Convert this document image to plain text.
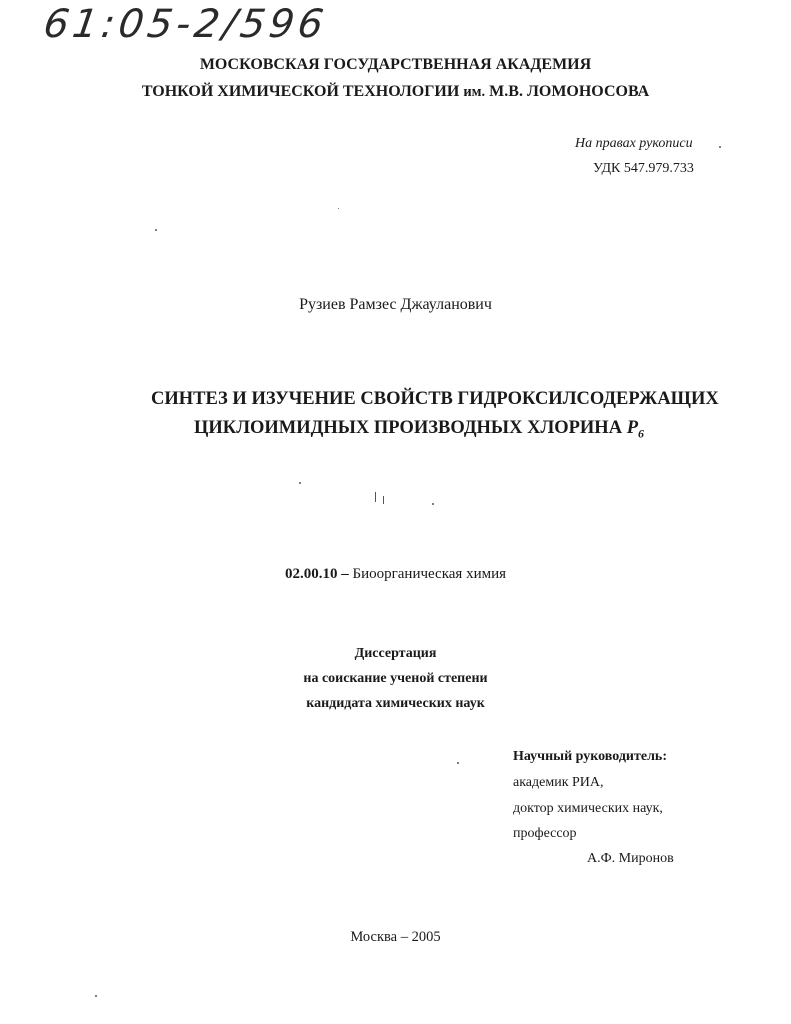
61:05-2/596
МОСКОВСКАЯ ГОСУДАРСТВЕННАЯ АКАДЕМИЯ
ТОНКОЙ ХИМИЧЕСКОЙ ТЕХНОЛОГИИ им. М.В. ЛОМОНОСОВА
На правах рукописи
УДК 547.979.733
Рузиев Рамзес Джауланович
СИНТЕЗ И ИЗУЧЕНИЕ СВОЙСТВ ГИДРОКСИЛСОДЕРЖАЩИХ
ЦИКЛОИМИДНЫХ ПРОИЗВОДНЫХ ХЛОРИНА $P_6$
02.00.10 – Биоорганическая химия
Диссертация
на соискание ученой степени
кандидата химических наук
Научный руководитель:
академик РИА,
доктор химических наук,
профессор
А.Ф. Миронов
Москва – 2005
